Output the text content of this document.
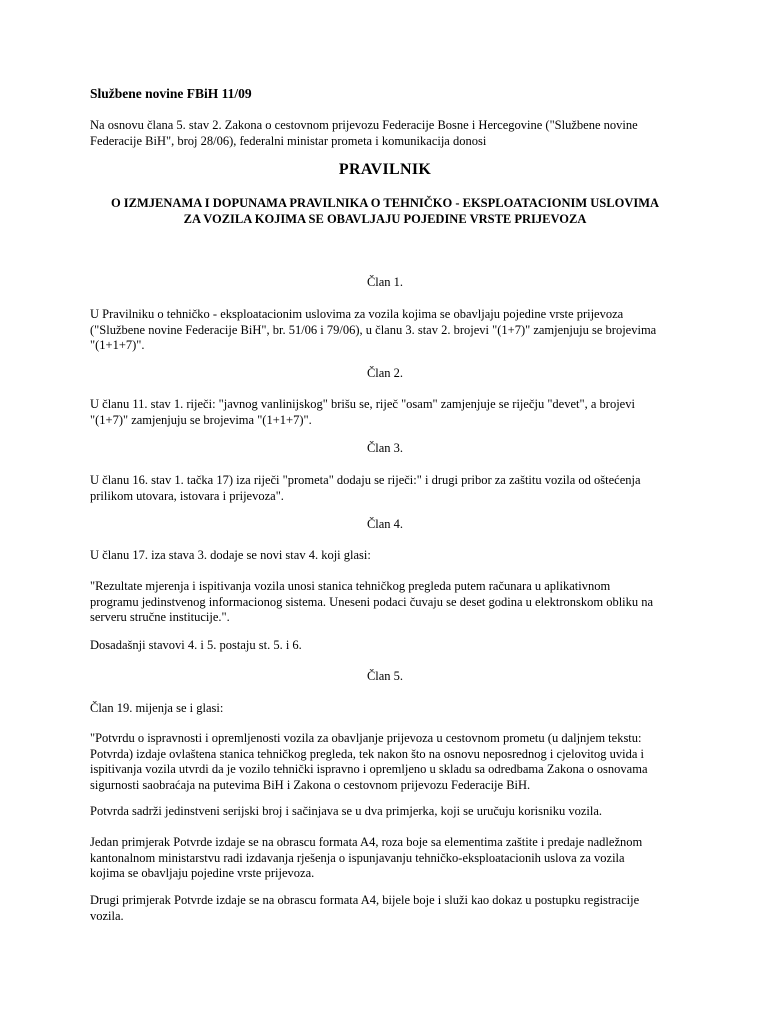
Službene novine FBiH 11/09

Na osnovu člana 5. stav 2. Zakona o cestovnom prijevozu Federacije Bosne i Hercegovine ("Službene novine
Federacije BiH", broj 28/06), federalni ministar prometa i komunikacija donosi

PRAVILNIK

O IZMJENAMA I DOPUNAMA PRAVILNIKA O TEHNIČKO - EKSPLOATACIONIM USLOVIMA
ZA VOZILA KOJIMA SE OBAVLJAJU POJEDINE VRSTE PRIJEVOZA

Član 1.

U Pravilniku o tehničko - eksploatacionim uslovima za vozila kojima se obavljaju pojedine vrste prijevoza
("Službene novine Federacije BiH", br. 51/06 i 79/06), u članu 3. stav 2. brojevi "(1+7)" zamjenjuju se brojevima
"(1+1+7)".

Član 2.

U članu 11. stav 1. riječi: "javnog vanlinijskog" brišu se, riječ "osam" zamjenjuje se riječju "devet", a brojevi
"(1+7)" zamjenjuju se brojevima "(1+1+7)".

Član 3.

U članu 16. stav 1. tačka 17) iza riječi "prometa" dodaju se riječi:" i drugi pribor za zaštitu vozila od oštećenja
prilikom utovara, istovara i prijevoza".

Član 4.

U članu 17. iza stava 3. dodaje se novi stav 4. koji glasi:

"Rezultate mjerenja i ispitivanja vozila unosi stanica tehničkog pregleda putem računara u aplikativnom
programu jedinstvenog informacionog sistema. Uneseni podaci čuvaju se deset godina u elektronskom obliku na
serveru stručne institucije.".

Dosadašnji stavovi 4. i 5. postaju st. 5. i 6.

Član 5.

Član 19. mijenja se i glasi:

"Potvrdu o ispravnosti i opremljenosti vozila za obavljanje prijevoza u cestovnom prometu (u daljnjem tekstu:
Potvrda) izdaje ovlaštena stanica tehničkog pregleda, tek nakon što na osnovu neposrednog i cjelovitog uvida i
ispitivanja vozila utvrdi da je vozilo tehnički ispravno i opremljeno u skladu sa odredbama Zakona o osnovama
sigurnosti saobraćaja na putevima BiH i Zakona o cestovnom prijevozu Federacije BiH.

Potvrda sadrži jedinstveni serijski broj i sačinjava se u dva primjerka, koji se uručuju korisniku vozila.

Jedan primjerak Potvrde izdaje se na obrascu formata A4, roza boje sa elementima zaštite i predaje nadležnom
kantonalnom ministarstvu radi izdavanja rješenja o ispunjavanju tehničko-eksploatacionih uslova za vozila
kojima se obavljaju pojedine vrste prijevoza.

Drugi primjerak Potvrde izdaje se na obrascu formata A4, bijele boje i služi kao dokaz u postupku registracije
vozila.
